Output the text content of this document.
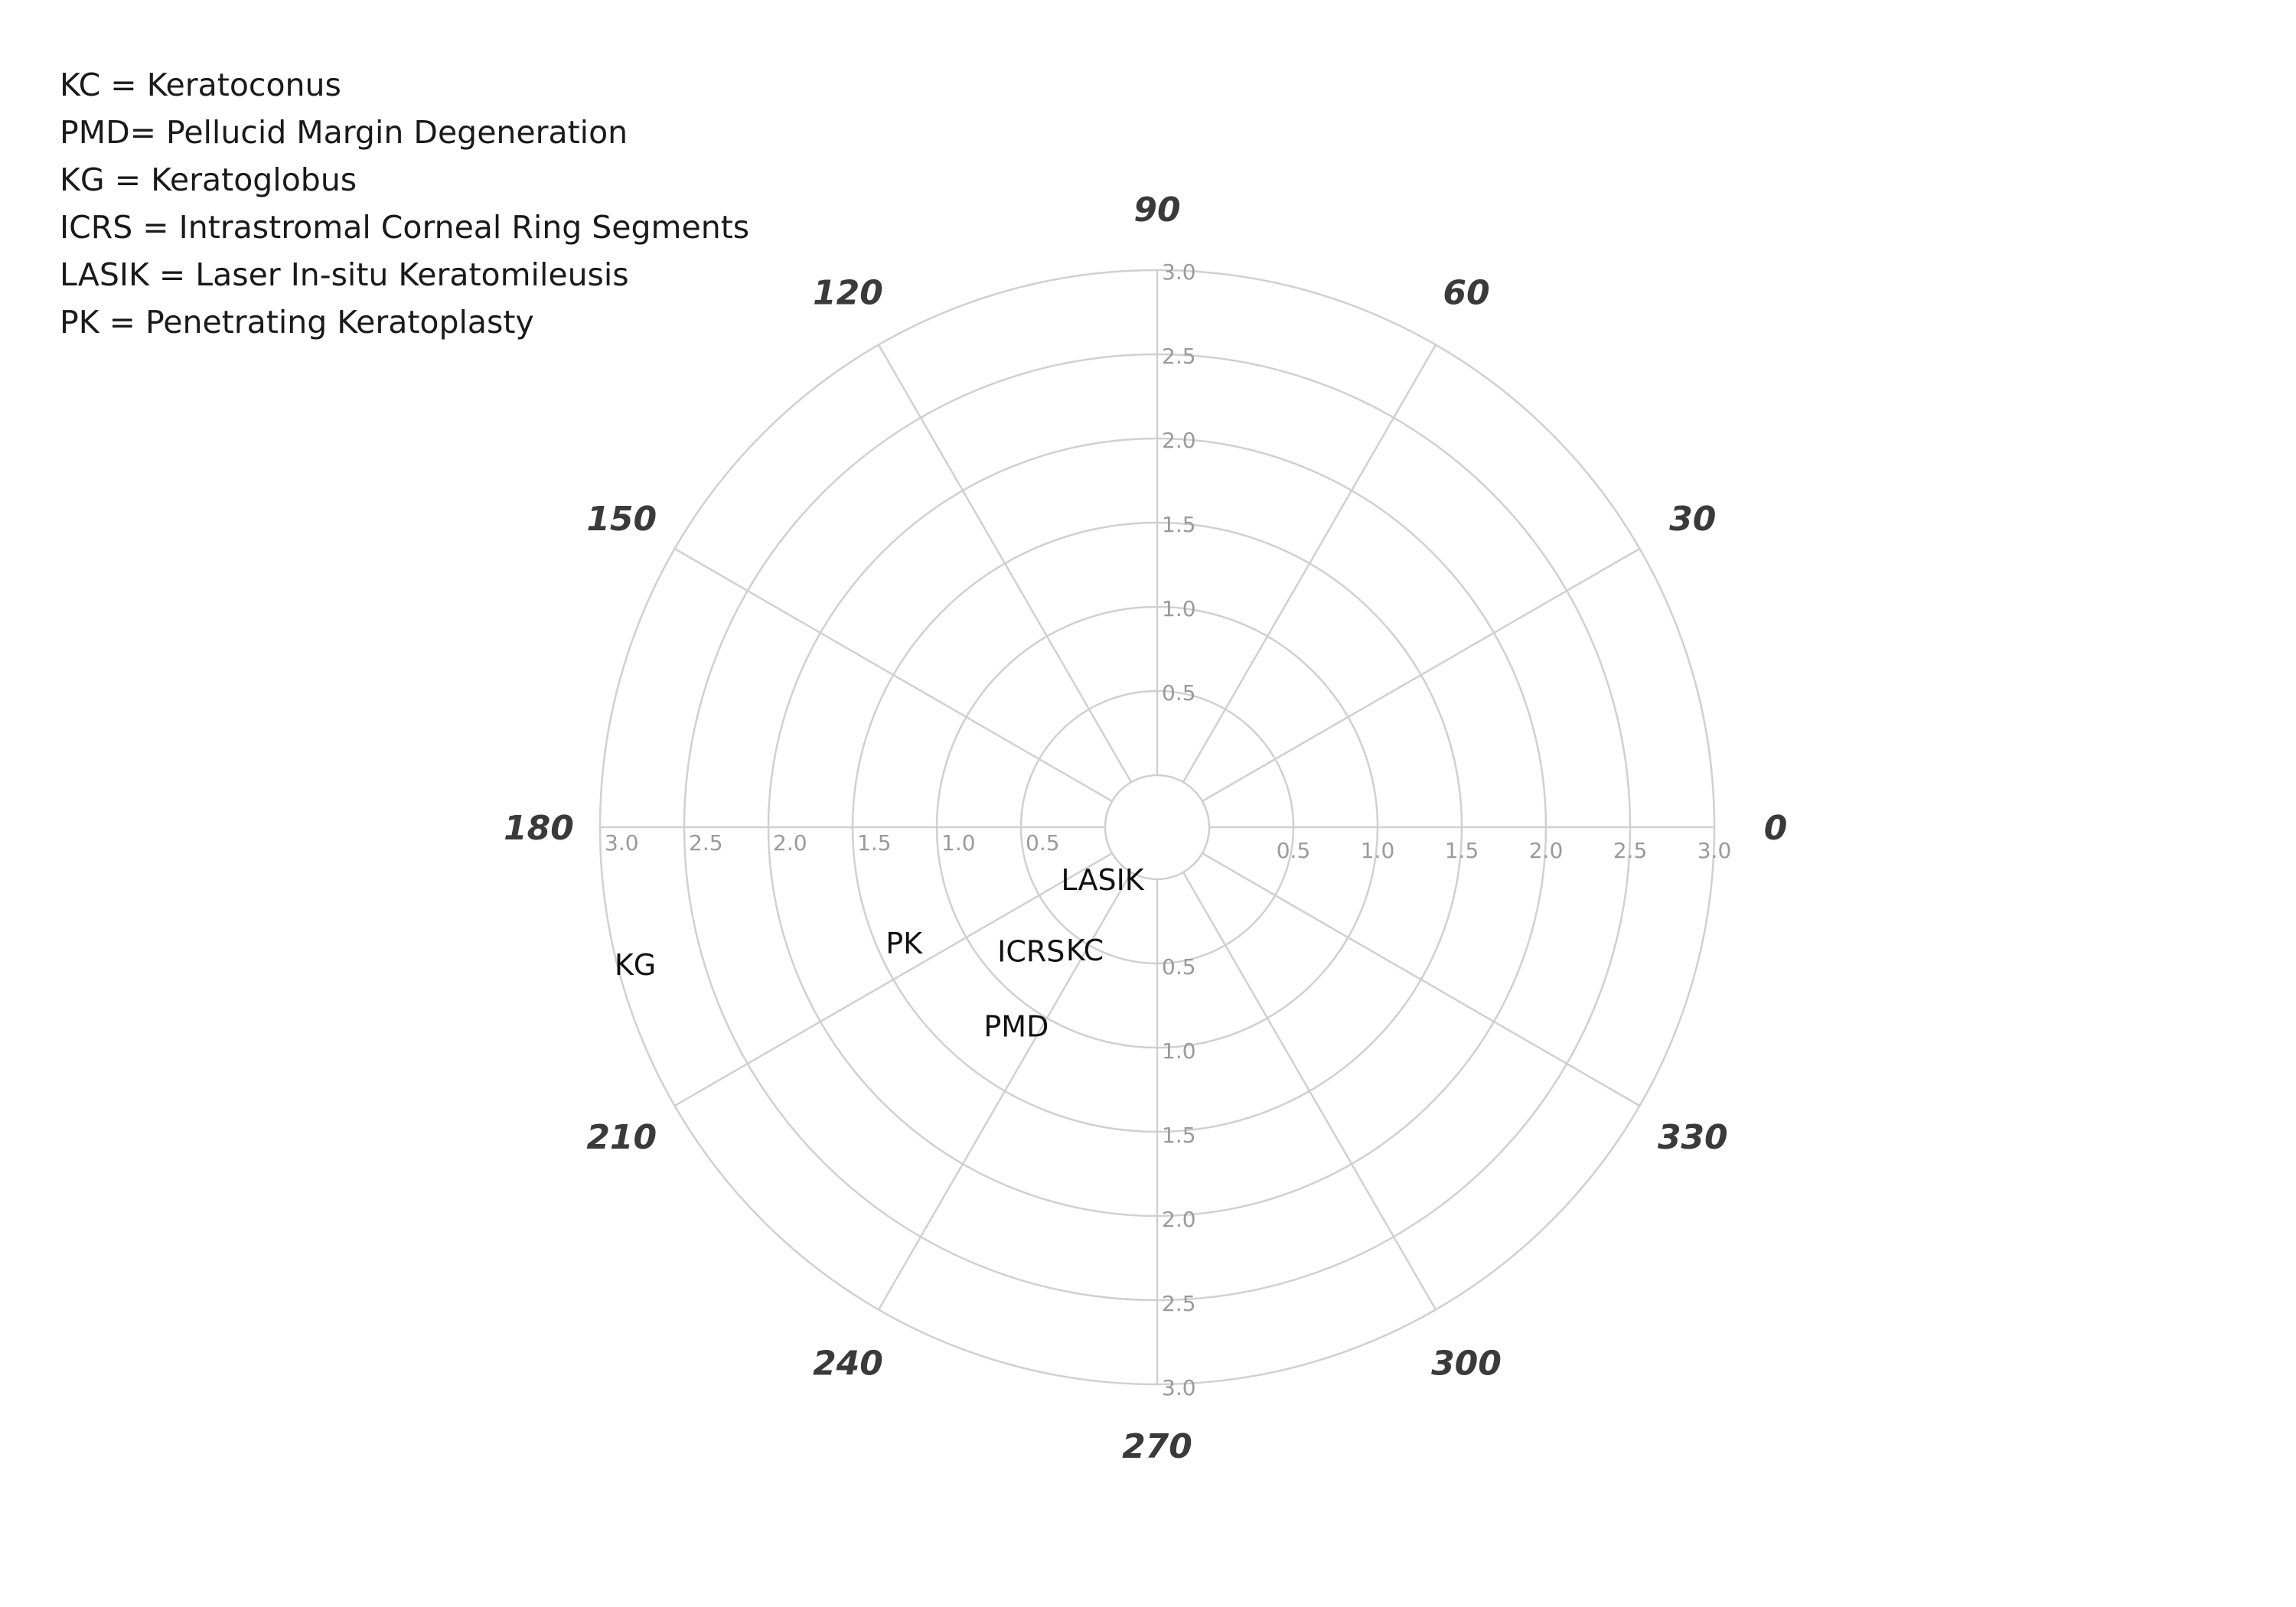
KC = Keratoconus
PMD= Pellucid Margin Degeneration
KG = Keratoglobus
ICRS = Intrastromal Corneal Ring Segments
LASIK = Laser In-situ Keratomileusis
PK = Penetrating Keratoplasty
0.5
0.5
0.5
0.5
1.0
1.0
1.0
1.0
1.5
1.5
1.5
1.5
2.0
2.0
2.0
2.0
2.5
2.5
2.5
2.5
3.0
3.0
3.0
3.0	0
30
60
90
120
150
180
210
240
270
300
330
LASIK
KC
ICRS
PK
PMD
KG
